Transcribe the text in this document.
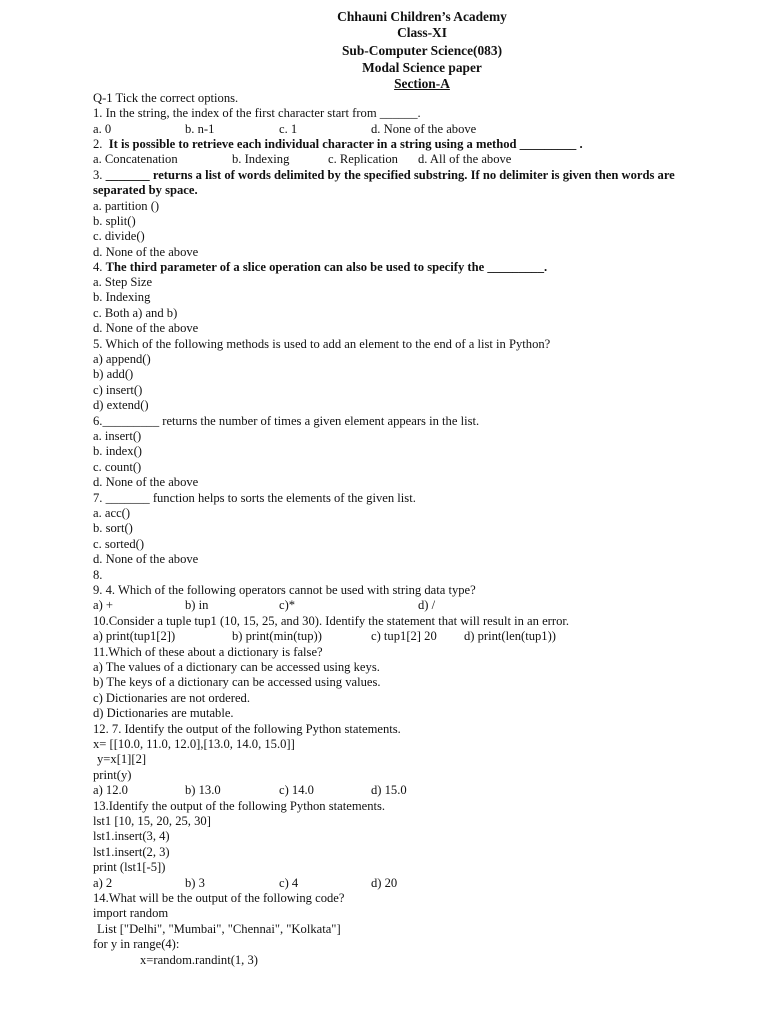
Chhauni Children’s Academy
Class-XI
Sub-Computer Science(083)
Modal Science paper
Section-A
Q-1 Tick the correct options.
1. In the string, the index of the first character start from ______.
a. 0	b. n-1	c. 1	d. None of the above
2. It is possible to retrieve each individual character in a string using a method _________ .
a. Concatenation	b. Indexing	c. Replication d. All of the above
3. _______ returns a list of words delimited by the specified substring. If no delimiter is given then words are separated by space.
a. partition ()
b. split()
c. divide()
d. None of the above
4. The third parameter of a slice operation can also be used to specify the _________.
a. Step Size
b. Indexing
c. Both a) and b)
d. None of the above
5. Which of the following methods is used to add an element to the end of a list in Python?
a) append()
b) add()
c) insert()
d) extend()
6._________ returns the number of times a given element appears in the list.
a. insert()
b. index()
c. count()
d. None of the above
7. _______ function helps to sorts the elements of the given list.
a. acc()
b. sort()
c. sorted()
d. None of the above
8.
9. 4. Which of the following operators cannot be used with string data type?
a) +	b) in	c)*	d) /
10.Consider a tuple tup1 (10, 15, 25, and 30). Identify the statement that will result in an error.
a) print(tup1[2])	b) print(min(tup))	c) tup1[2] 20 d) print(len(tup1))
11.Which of these about a dictionary is false?
a) The values of a dictionary can be accessed using keys.
b) The keys of a dictionary can be accessed using values.
c) Dictionaries are not ordered.
d) Dictionaries are mutable.
12. 7. Identify the output of the following Python statements.
x= [[10.0, 11.0, 12.0],[13.0, 14.0, 15.0]]
y=x[1][2]
print(y)
a) 12.0	b) 13.0	c) 14.0	d) 15.0
13.Identify the output of the following Python statements.
lst1 [10, 15, 20, 25, 30]
lst1.insert(3, 4)
lst1.insert(2, 3)
print (lst1[-5])
a) 2	b) 3	c) 4	d) 20
14.What will be the output of the following code?
import random
List ["Delhi", "Mumbai", "Chennai", "Kolkata"]
for y in range(4):
x=random.randint(1, 3)
